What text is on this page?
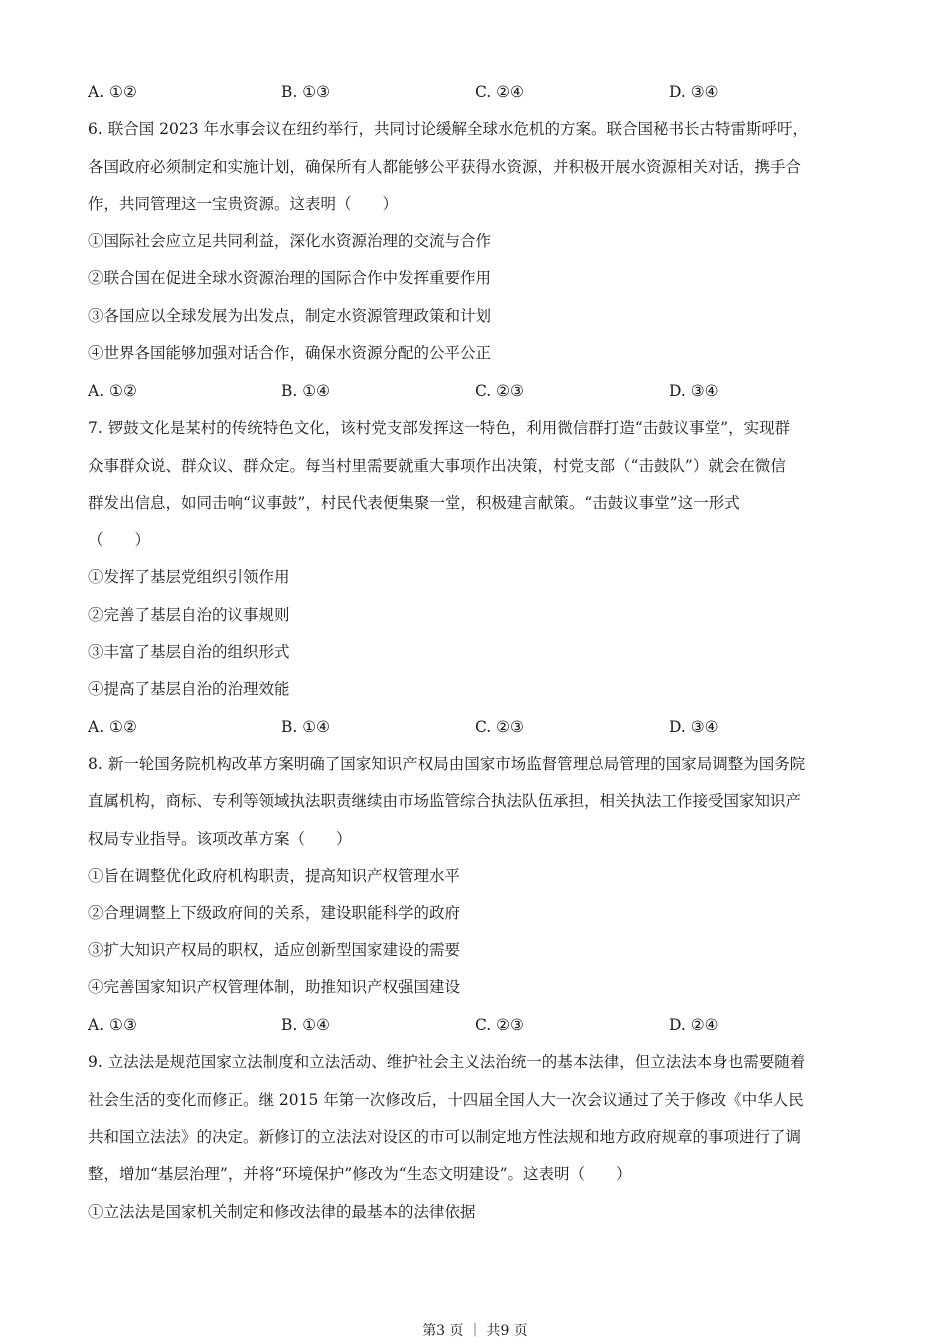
A. ①②	B. ①③	C. ②④	D. ③④
6. 联合国 2023 年水事会议在纽约举行，共同讨论缓解全球水危机的方案。联合国秘书长古特雷斯呼吁，
各国政府必须制定和实施计划，确保所有人都能够公平获得水资源，并积极开展水资源相关对话，携手合
作，共同管理这一宝贵资源。这表明（　　）
①国际社会应立足共同利益，深化水资源治理的交流与合作
②联合国在促进全球水资源治理的国际合作中发挥重要作用
③各国应以全球发展为出发点，制定水资源管理政策和计划
④世界各国能够加强对话合作，确保水资源分配的公平公正
A. ①②	B. ①④	C. ②③	D. ③④
7. 锣鼓文化是某村的传统特色文化，该村党支部发挥这一特色，利用微信群打造“击鼓议事堂”，实现群
众事群众说、群众议、群众定。每当村里需要就重大事项作出决策，村党支部（“击鼓队”）就会在微信
群发出信息，如同击响“议事鼓”，村民代表便集聚一堂，积极建言献策。“击鼓议事堂”这一形式
（　　）
①发挥了基层党组织引领作用
②完善了基层自治的议事规则
③丰富了基层自治的组织形式
④提高了基层自治的治理效能
A. ①②	B. ①④	C. ②③	D. ③④
8. 新一轮国务院机构改革方案明确了国家知识产权局由国家市场监督管理总局管理的国家局调整为国务院
直属机构，商标、专利等领域执法职责继续由市场监管综合执法队伍承担，相关执法工作接受国家知识产
权局专业指导。该项改革方案（　　）
①旨在调整优化政府机构职责，提高知识产权管理水平
②合理调整上下级政府间的关系，建设职能科学的政府
③扩大知识产权局的职权，适应创新型国家建设的需要
④完善国家知识产权管理体制，助推知识产权强国建设
A. ①③	B. ①④	C. ②③	D. ②④
9. 立法法是规范国家立法制度和立法活动、维护社会主义法治统一的基本法律，但立法法本身也需要随着
社会生活的变化而修正。继 2015 年第一次修改后，十四届全国人大一次会议通过了关于修改《中华人民
共和国立法法》的决定。新修订的立法法对设区的市可以制定地方性法规和地方政府规章的事项进行了调
整，增加“基层治理”，并将“环境保护”修改为“生态文明建设”。这表明（　　）
①立法法是国家机关制定和修改法律的最基本的法律依据
第3 页 ｜ 共9 页
